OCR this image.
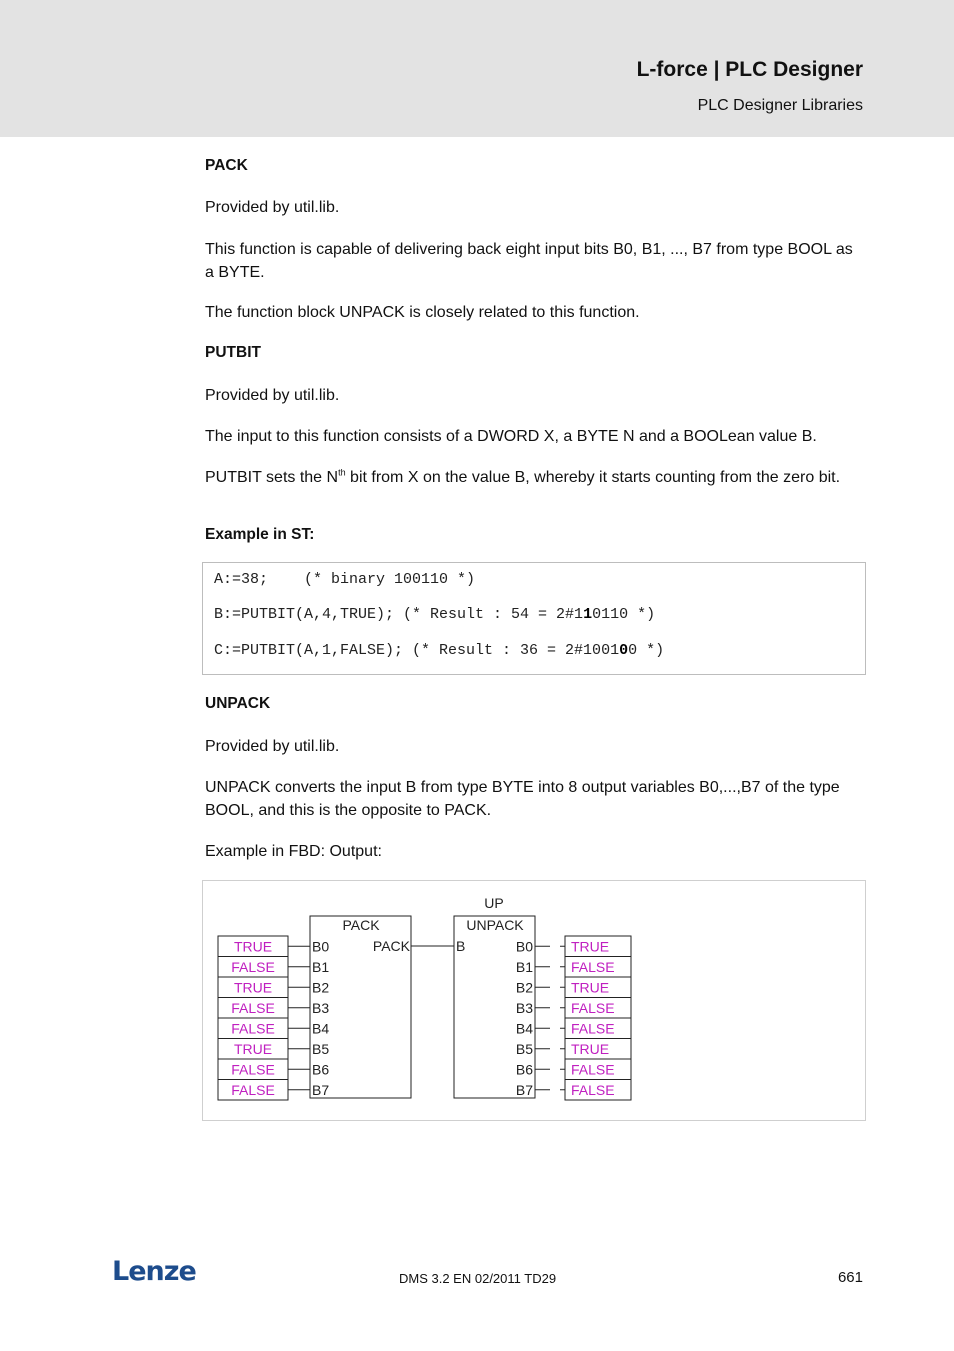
L-force | PLC Designer
PLC Designer Libraries
PACK
Provided by util.lib.
This function is capable of delivering back eight input bits B0, B1, ..., B7 from type BOOL as a BYTE.
The function block UNPACK is closely related to this function.
PUTBIT
Provided by util.lib.
The input to this function consists of a DWORD X, a BYTE N and a BOOLean value B.
PUTBIT sets the $N^{th}$ bit from X on the value B, whereby it starts counting from the zero bit.
Example in ST:
A:=38;    (* binary 100110 *)
B:=PUTBIT(A,4,TRUE); (* Result : 54 = 2#110110 *)
C:=PUTBIT(A,1,FALSE); (* Result : 36 = 2#100100 *)
UNPACK
Provided by util.lib.
UNPACK converts the input B from type BYTE into 8 output variables B0,...,B7 of the type BOOL, and this is the opposite to PACK.
Example in FBD: Output:
UP
PACK
PACK
UNPACK
B
TRUE	B0	B0	TRUE
FALSE	B1	B1	FALSE
TRUE	B2	B2	TRUE
FALSE	B3	B3	FALSE
FALSE	B4	B4	FALSE
TRUE	B5	B5	TRUE
FALSE	B6	B6	FALSE
FALSE	B7	B7	FALSE
Lenze	DMS 3.2 EN 02/2011 TD29	661
